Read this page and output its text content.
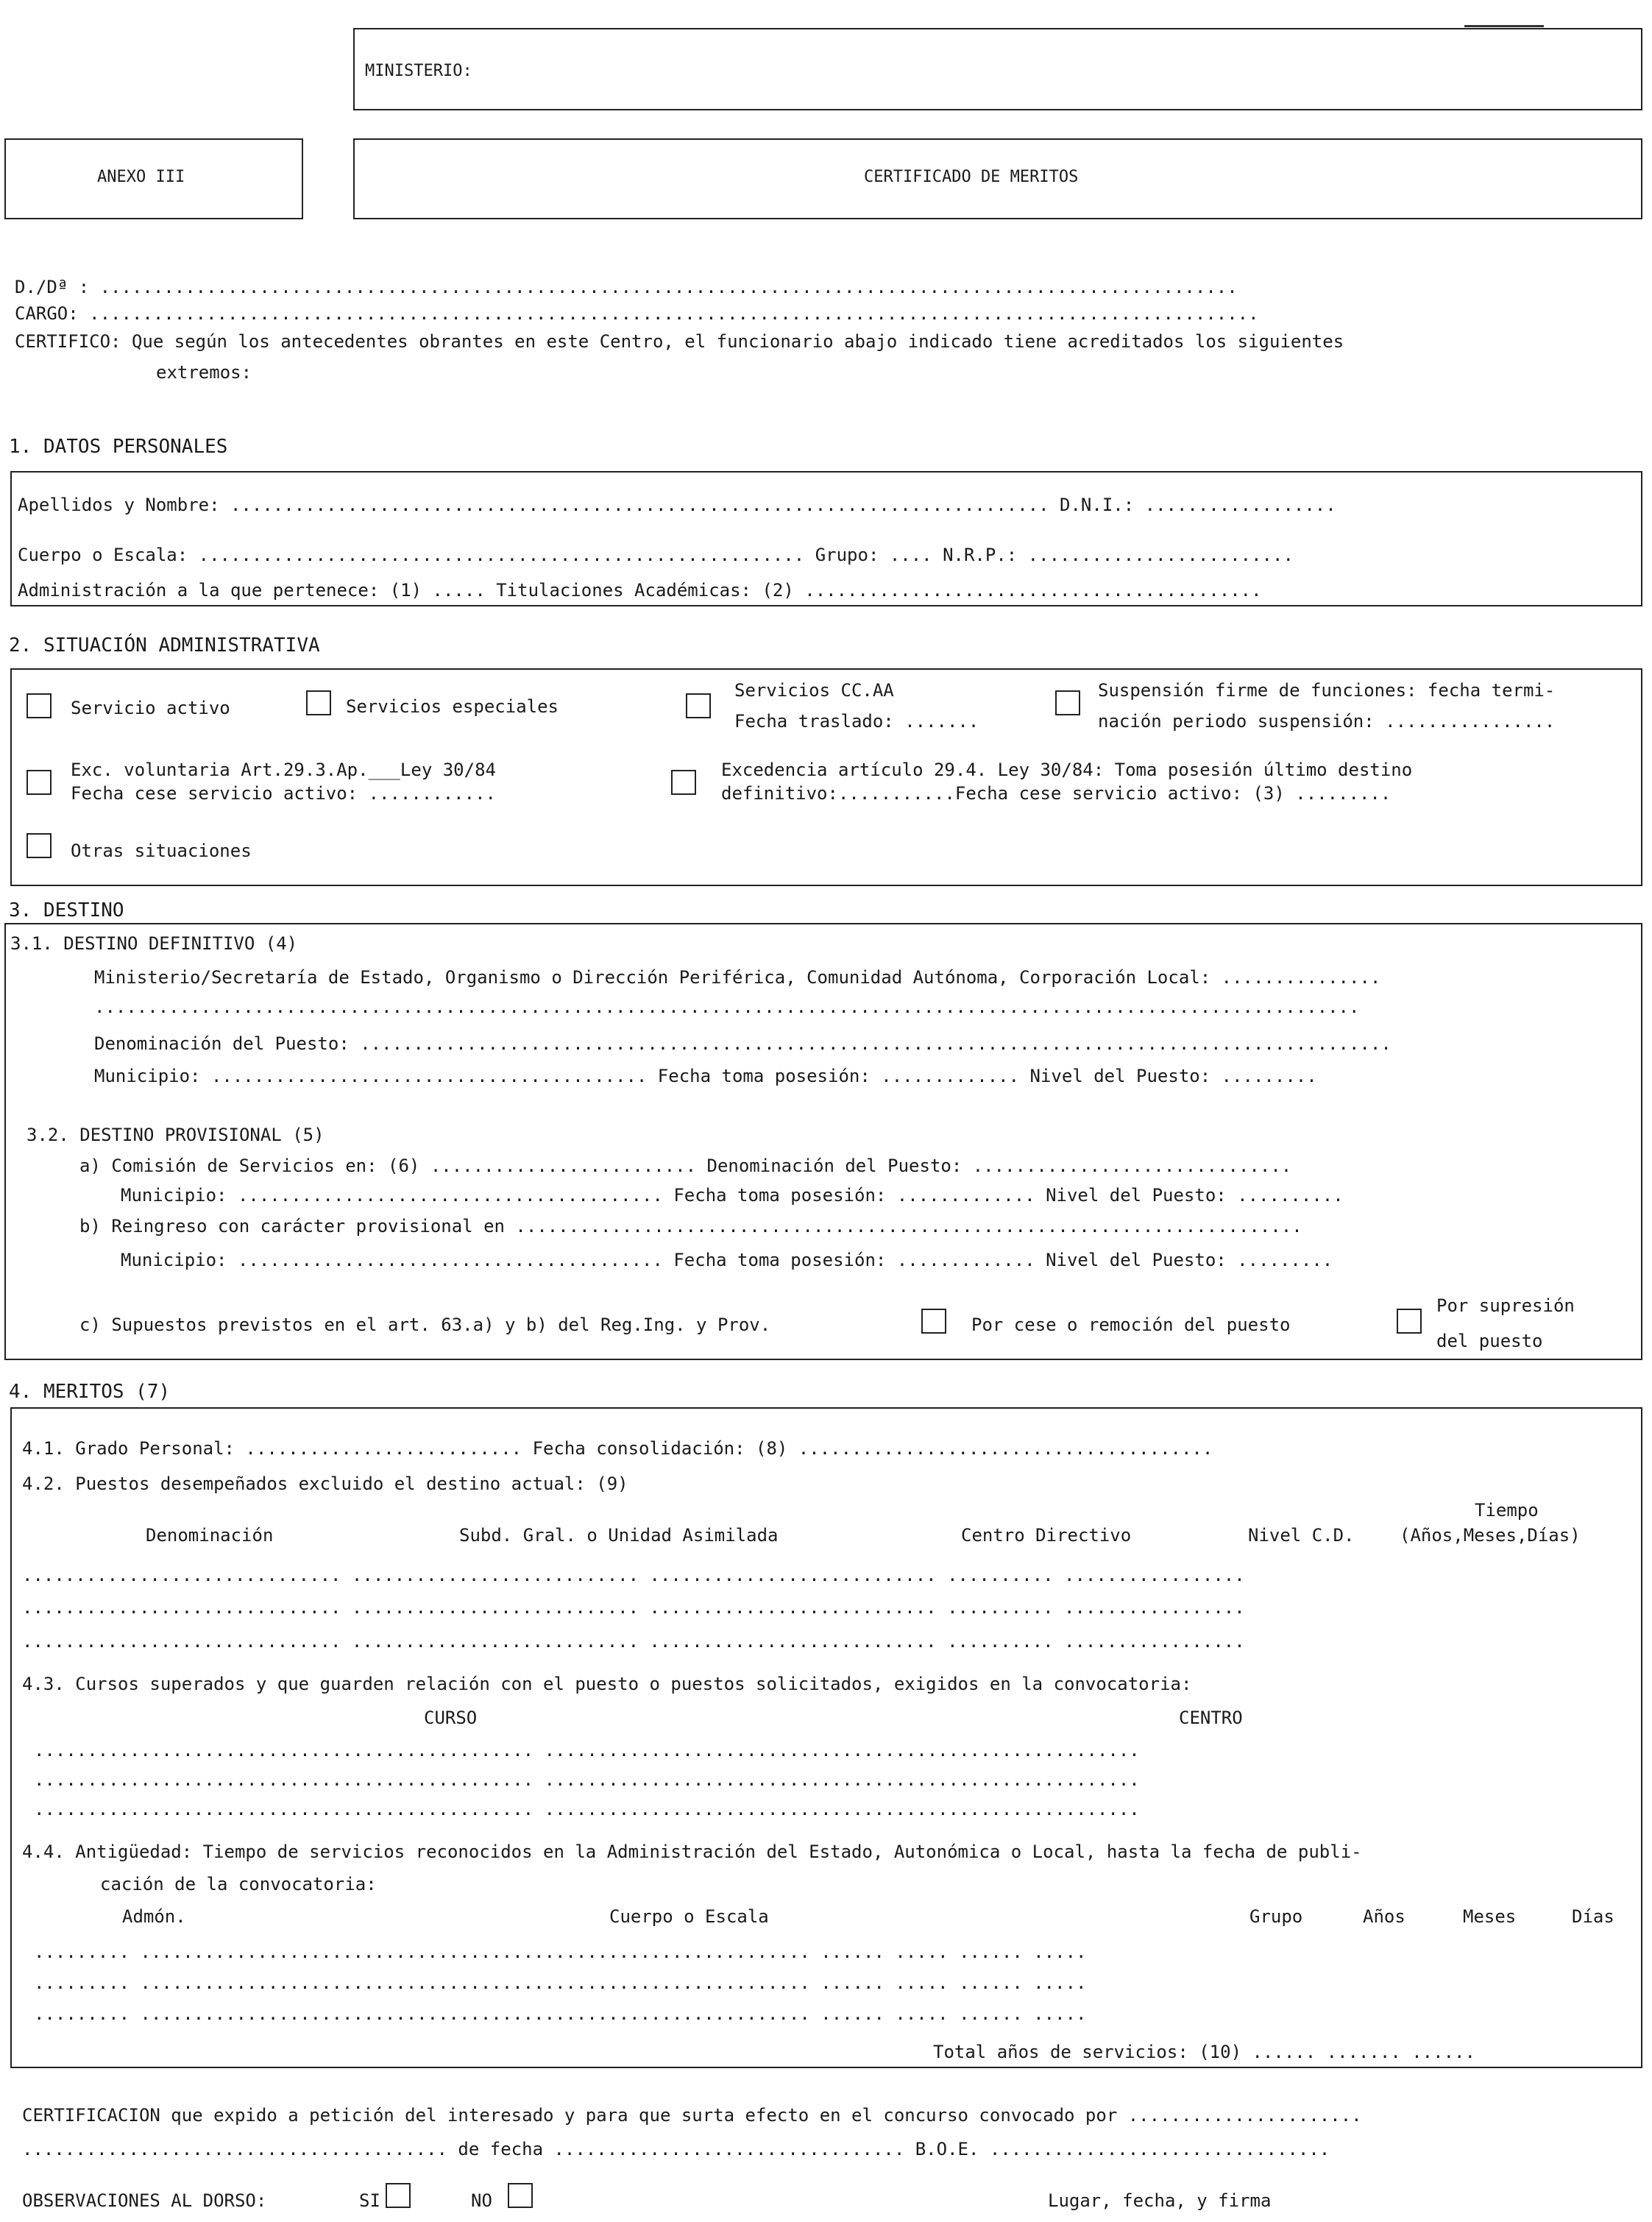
MINISTERIO:
ANEXO III	CERTIFICADO DE MERITOS
D./Dª : ...........................................................................................................
CARGO: ..............................................................................................................
CERTIFICO: Que según los antecedentes obrantes en este Centro, el funcionario abajo indicado tiene acreditados los siguientes
extremos:
1. DATOS PERSONALES
Apellidos y Nombre: ............................................................................. D.N.I.: ..................
Cuerpo o Escala: ......................................................... Grupo: .... N.R.P.: .........................
Administración a la que pertenece: (1) ..... Titulaciones Académicas: (2) ...........................................
2. SITUACIÓN ADMINISTRATIVA
Servicio activo	Servicios especiales
Servicios CC.AA
Fecha traslado: .......
Suspensión firme de funciones: fecha termi-
nación periodo suspensión: ................
Exc. voluntaria Art.29.3.Ap.___Ley 30/84
Fecha cese servicio activo: ............
Excedencia artículo 29.4. Ley 30/84: Toma posesión último destino
definitivo:...........Fecha cese servicio activo: (3) .........
Otras situaciones
3. DESTINO
3.1. DESTINO DEFINITIVO (4)
Ministerio/Secretaría de Estado, Organismo o Dirección Periférica, Comunidad Autónoma, Corporación Local: ...............
.......................................................................................................................
Denominación del Puesto: .................................................................................................
Municipio: ......................................... Fecha toma posesión: ............. Nivel del Puesto: .........
3.2. DESTINO PROVISIONAL (5)
a) Comisión de Servicios en: (6) ......................... Denominación del Puesto: ..............................
Municipio: ........................................ Fecha toma posesión: ............. Nivel del Puesto: ..........
b) Reingreso con carácter provisional en ..........................................................................
Municipio: ........................................ Fecha toma posesión: ............. Nivel del Puesto: .........
c) Supuestos previstos en el art. 63.a) y b) del Reg.Ing. y Prov.	Por cese o remoción del puesto
Por supresión
del puesto
4. MERITOS (7)
4.1. Grado Personal: .......................... Fecha consolidación: (8) .......................................
4.2. Puestos desempeñados excluido el destino actual: (9)
Tiempo
Denominación	Subd. Gral. o Unidad Asimilada	Centro Directivo	Nivel C.D.	(Años,Meses,Días)
.............................. ........................... ........................... .......... .................
.............................. ........................... ........................... .......... .................
.............................. ........................... ........................... .......... .................
4.3. Cursos superados y que guarden relación con el puesto o puestos solicitados, exigidos en la convocatoria:
CURSO	CENTRO
............................................... ........................................................
............................................... ........................................................
............................................... ........................................................
4.4. Antigüedad: Tiempo de servicios reconocidos en la Administración del Estado, Autonómica o Local, hasta la fecha de publi-
cación de la convocatoria:
Admón.	Cuerpo o Escala	Grupo	Años	Meses	Días
......... ............................................................... ...... ..... ...... .....
......... ............................................................... ...... ..... ...... .....
......... ............................................................... ...... ..... ...... .....
Total años de servicios: (10) ...... ....... ......
CERTIFICACION que expido a petición del interesado y para que surta efecto en el concurso convocado por ......................
........................................ de fecha ................................. B.O.E. ................................
OBSERVACIONES AL DORSO:	SI	NO	Lugar, fecha, y firma
